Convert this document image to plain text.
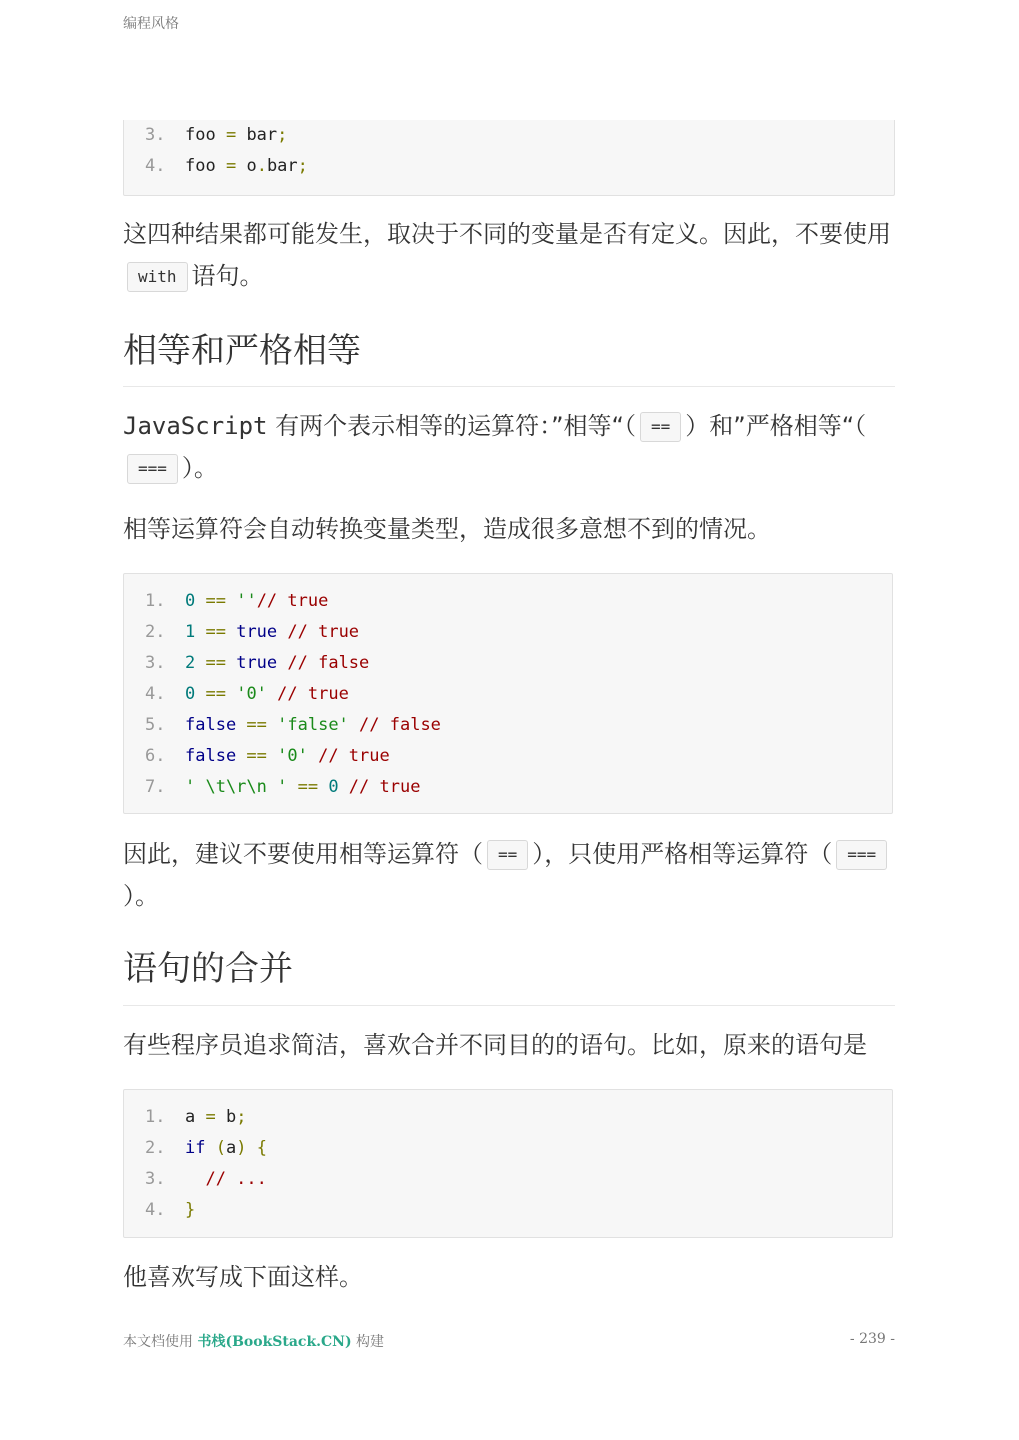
编程风格
3. foo = bar;
4. foo = o.bar;

这四种结果都可能发生，取决于不同的变量是否有定义。因此，不要使用with 语句。

相等和严格相等

JavaScript 有两个表示相等的运算符：”相等“（ == ）和”严格相等“（=== ）。

相等运算符会自动转换变量类型，造成很多意想不到的情况。

1. 0 == ''// true
2. 1 == true // true
3. 2 == true // false
4. 0 == '0' // true
5. false == 'false' // false
6. false == '0' // true
7. ' \t\r\n ' == 0 // true

因此，建议不要使用相等运算符（ == ），只使用严格相等运算符（ ===）。

语句的合并

有些程序员追求简洁，喜欢合并不同目的的语句。比如，原来的语句是

1. a = b;
2. if (a) {
3. // ...
4. }

他喜欢写成下面这样。

本文档使用 书栈(BookStack.CN) 构建	- 239 -
